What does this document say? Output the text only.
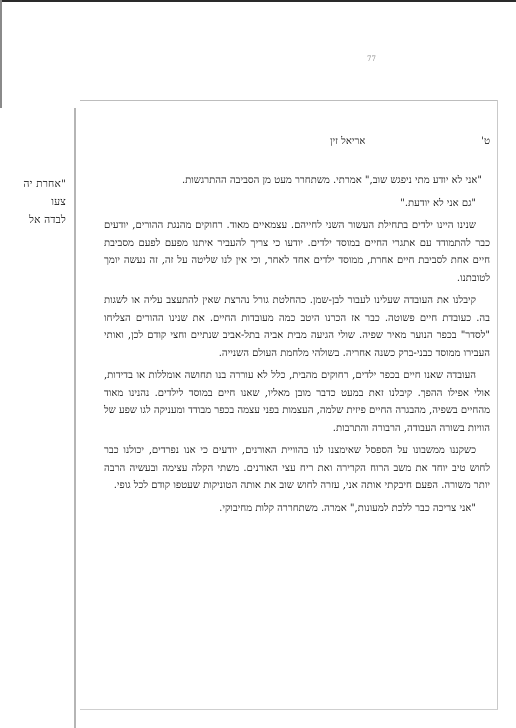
77
"אחרת יה
צעו
לבדה אל
ט'
אריאל זין

"אני לא יודע מתי ניפגש שוב," אמרתי. משתחרר מעט מן הסביבה ההתרגשות.

"גם אני לא יודעת."

שנינו היינו ילדים בתחילת העשור השני לחייהם. עצמאיים מאוד. רחוקים מהנגת ההורים, יודעים כבר להתמודד עם אתגרי החיים במוסד ילדים. יודעו כי צריך להעביר איתנו מפעם לפעם מסביבת חיים אחת לסביבת חיים אחרת, ממוסד ילדים אחד לאחר, וכי אין לנו שליטה על זה, זה נעשה יומך לטובתנו.

קיבלנו את העובדה שעלינו לעבור לבן-שמן. כהחלטת גורל נהרצת שאין להתעצב עליה או לשגות בה. כעובדת חיים פשוטה. כבר אז הכרנו היטב כמה מעובדות החיים. את שנינו ההורים הצליחו "לסדר" בכפר הנוער מאיר שפיה. שולי הגיעה מבית אביה בתל-אביב שנתיים וחצי קודם לכן, ואותי העבירו ממוסד כבני-ברק כשנה אחריה. בשולהי מלחמת העולם השנייה.

העובדה שאנו חיים בכפר ילדים, רחוקים מהבית, כלל לא עוררה בנו תחושה אומללות או בדידות, אולי אפילו ההפך. קיבלנו זאת במעט כדבר מובן מאליו, שאנו חיים במוסד לילדים. נהנינו מאוד מהחיים בשפיה, מהבגרה החיים פיזית שלמה, העצמות בפני עצמה בכפר מבודד ומעניקה לגו שפע של הוויות בשורה העבודה, הרבורה והתרבות.

כשקננו ממשבונו על הספסל שאימצנו לנו בהוויית האורנים, יודעים כי אנו נפרדים, יכולנו כבר לחוש טיב יוחד את משב הרוח הקרירה ואת ריח עצי האורנים. משתי הקלה עצימה ובעשיה הרבה יותר משורה. הפעם חיבקתי אותה אני, עזרה לחוש שוב את אותה הטוניקות שעטפו קודם לכל גופי.

"אני צריכה כבר ללכת למעונות," אמרה. משתחררה קלות מחיבוקי.
